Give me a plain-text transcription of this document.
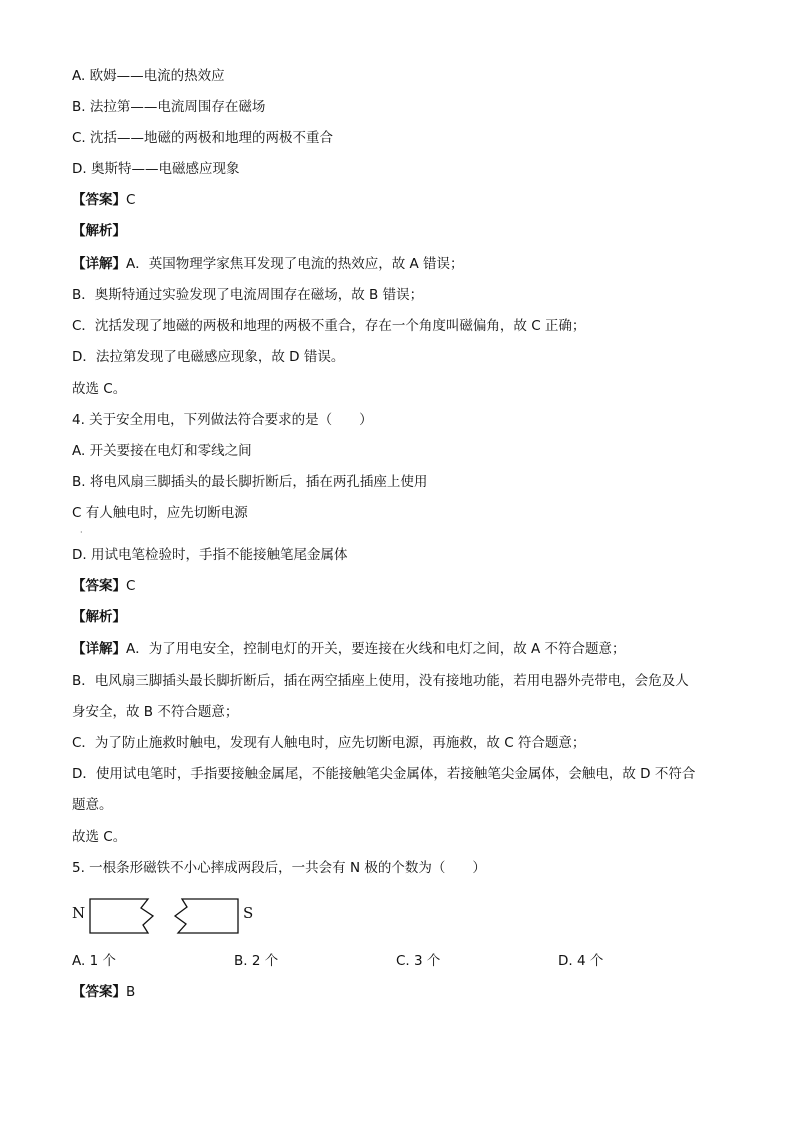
A. 欧姆——电流的热效应
B. 法拉第——电流周围存在磁场
C. 沈括——地磁的两极和地理的两极不重合
D. 奥斯特——电磁感应现象
【答案】C
【解析】
【详解】A．英国物理学家焦耳发现了电流的热效应，故 A 错误；
B．奥斯特通过实验发现了电流周围存在磁场，故 B 错误；
C．沈括发现了地磁的两极和地理的两极不重合，存在一个角度叫磁偏角，故 C 正确；
D．法拉第发现了电磁感应现象，故 D 错误。
故选 C。
4. 关于安全用电，下列做法符合要求的是（　　）
A. 开关要接在电灯和零线之间
B. 将电风扇三脚插头的最长脚折断后，插在两孔插座上使用
C 有人触电时，应先切断电源
·
D. 用试电笔检验时，手指不能接触笔尾金属体
【答案】C
【解析】
【详解】A．为了用电安全，控制电灯的开关，要连接在火线和电灯之间，故 A 不符合题意；
B．电风扇三脚插头最长脚折断后，插在两空插座上使用，没有接地功能，若用电器外壳带电，会危及人
身安全，故 B 不符合题意；
C．为了防止施救时触电，发现有人触电时，应先切断电源，再施救，故 C 符合题意；
D．使用试电笔时，手指要接触金属尾，不能接触笔尖金属体，若接触笔尖金属体，会触电，故 D 不符合
题意。
故选 C。
5. 一根条形磁铁不小心摔成两段后，一共会有 N 极的个数为（　　）
N	S
A. 1 个	B. 2 个	C. 3 个	D. 4 个
【答案】B
